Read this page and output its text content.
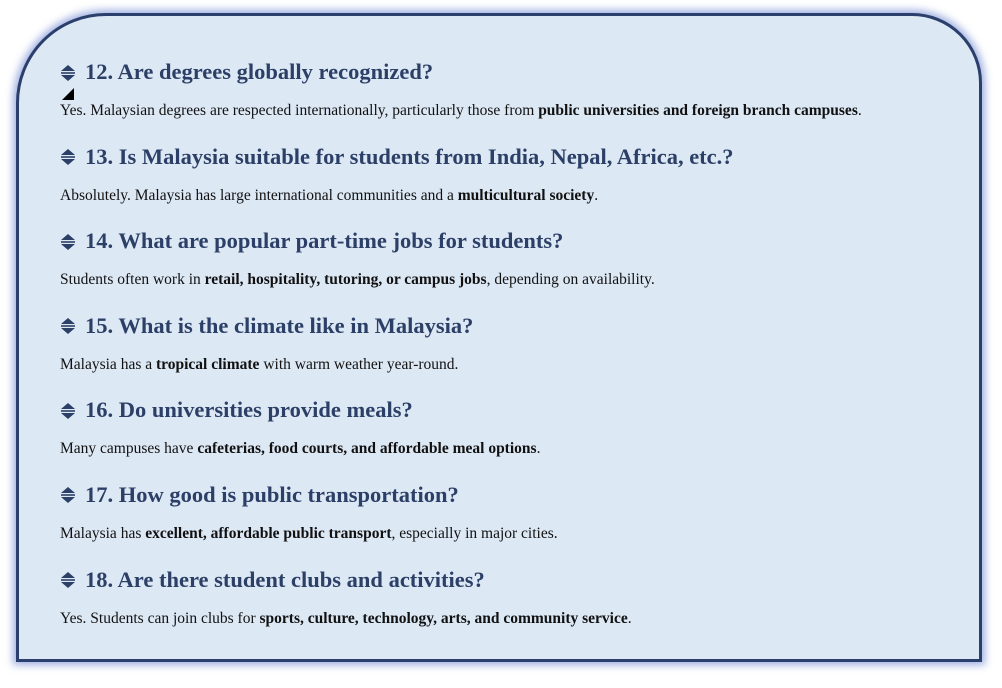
12. Are degrees globally recognized?

Yes. Malaysian degrees are respected internationally, particularly those from public universities and foreign branch campuses.

13. Is Malaysia suitable for students from India, Nepal, Africa, etc.?

Absolutely. Malaysia has large international communities and a multicultural society.

14. What are popular part-time jobs for students?

Students often work in retail, hospitality, tutoring, or campus jobs, depending on availability.

15. What is the climate like in Malaysia?

Malaysia has a tropical climate with warm weather year-round.

16. Do universities provide meals?

Many campuses have cafeterias, food courts, and affordable meal options.

17. How good is public transportation?

Malaysia has excellent, affordable public transport, especially in major cities.

18. Are there student clubs and activities?

Yes. Students can join clubs for sports, culture, technology, arts, and community service.
